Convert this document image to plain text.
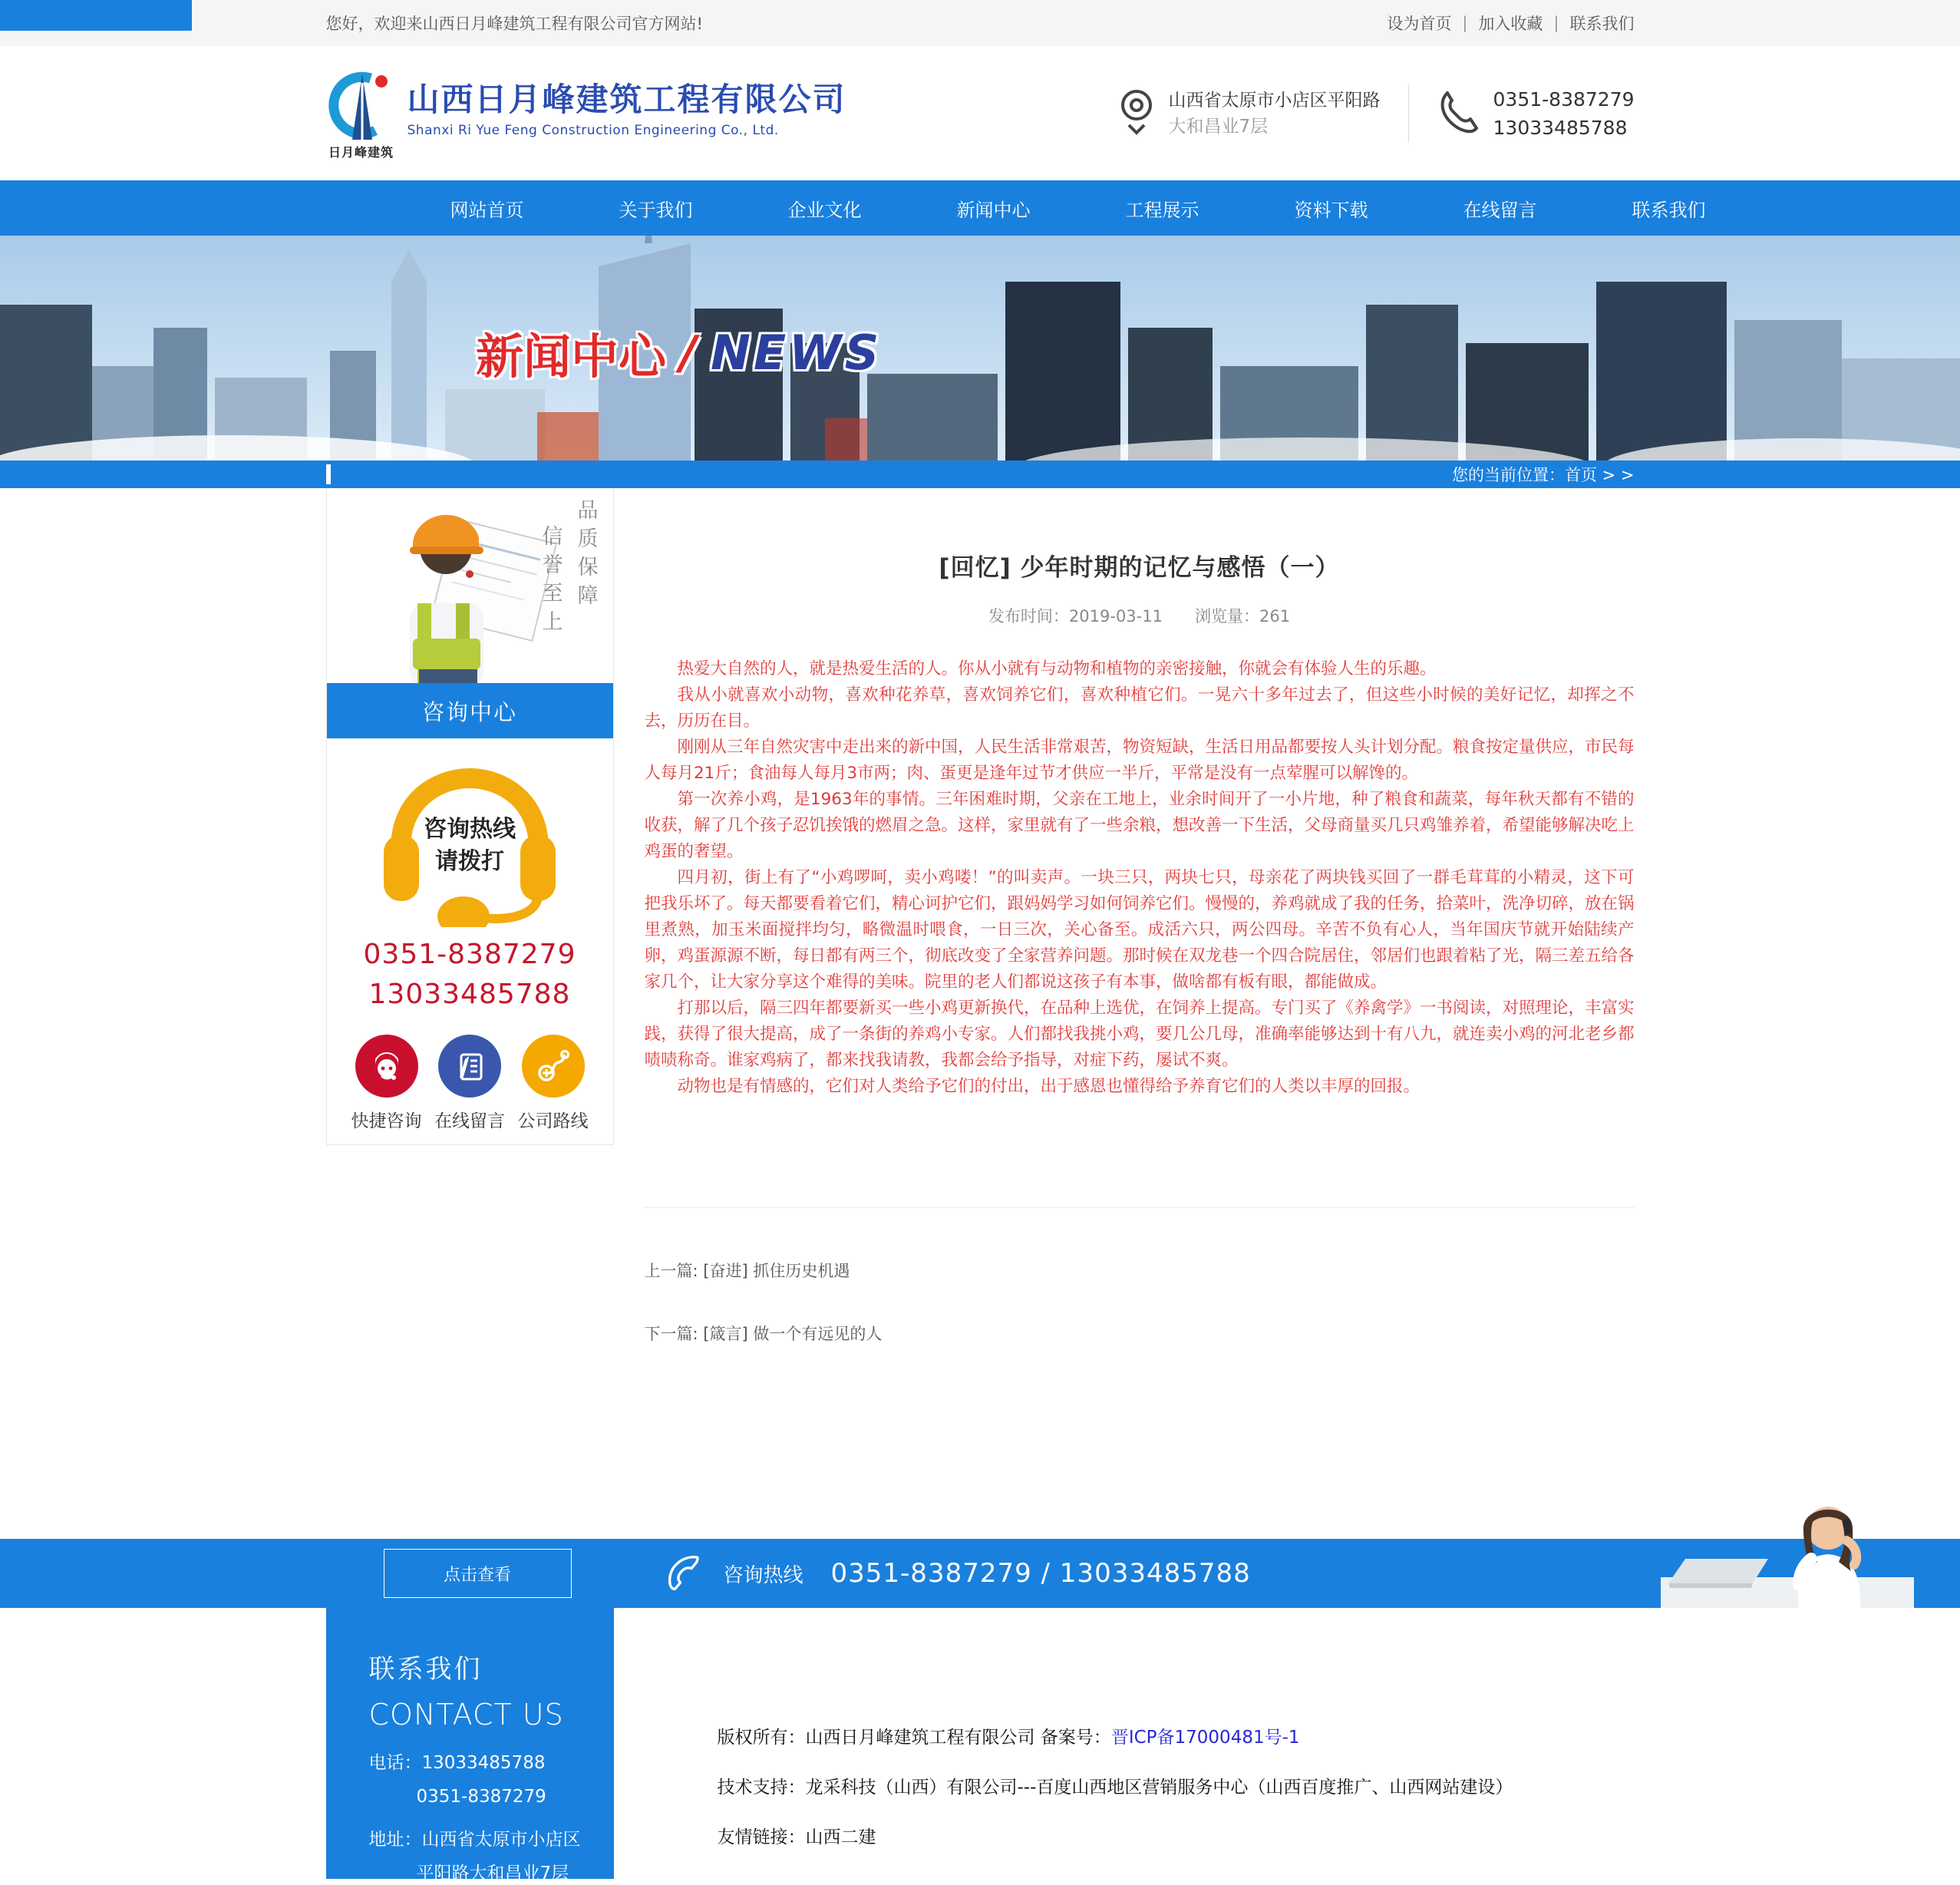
您好，欢迎来山西日月峰建筑工程有限公司官方网站!	设为首页 | 加入收藏 | 联系我们
日月峰建筑
山西日月峰建筑工程有限公司
Shanxi Ri Yue Feng Construction Engineering Co., Ltd.
山西省太原市小店区平阳路
大和昌业7层
0351-8387279
13033485788
网站首页	关于我们	企业文化	新闻中心	工程展示	资料下载	在线留言	联系我们
新闻中心 / NEWS
您的当前位置：首页 > >
品质保障
信誉至上
咨询中心
咨询热线
请拨打
0351-8387279
13033485788
快捷咨询 在线留言 公司路线
[回忆] 少年时期的记忆与感悟（一）
发布时间：2019-03-11 浏览量：261

热爱大自然的人，就是热爱生活的人。你从小就有与动物和植物的亲密接触，你就会有体验人生的乐趣。

我从小就喜欢小动物，喜欢种花养草，喜欢饲养它们，喜欢种植它们。一晃六十多年过去了，但这些小时候的美好记忆，却挥之不去，历历在目。

刚刚从三年自然灾害中走出来的新中国，人民生活非常艰苦，物资短缺，生活日用品都要按人头计划分配。粮食按定量供应，市民每人每月21斤；食油每人每月3市两；肉、蛋更是逢年过节才供应一半斤，平常是没有一点荤腥可以解馋的。

第一次养小鸡，是1963年的事情。三年困难时期，父亲在工地上，业余时间开了一小片地，种了粮食和蔬菜，每年秋天都有不错的收获，解了几个孩子忍饥挨饿的燃眉之急。这样，家里就有了一些余粮，想改善一下生活，父母商量买几只鸡雏养着，希望能够解决吃上鸡蛋的奢望。

四月初，街上有了“小鸡啰呵，卖小鸡喽！”的叫卖声。一块三只，两块七只，母亲花了两块钱买回了一群毛茸茸的小精灵，这下可把我乐坏了。每天都要看着它们，精心诃护它们，跟妈妈学习如何饲养它们。慢慢的，养鸡就成了我的任务，拾菜叶，洗净切碎，放在锅里煮熟，加玉米面搅拌均匀，略微温时喂食，一日三次，关心备至。成活六只，两公四母。辛苦不负有心人，当年国庆节就开始陆续产卵，鸡蛋源源不断，每日都有两三个，彻底改变了全家营养问题。那时候在双龙巷一个四合院居住，邻居们也跟着粘了光，隔三差五给各家几个，让大家分享这个难得的美味。院里的老人们都说这孩子有本事，做啥都有板有眼，都能做成。

打那以后，隔三四年都要新买一些小鸡更新换代，在品种上选优，在饲养上提高。专门买了《养禽学》一书阅读，对照理论，丰富实践，获得了很大提高，成了一条街的养鸡小专家。人们都找我挑小鸡，要几公几母，准确率能够达到十有八九，就连卖小鸡的河北老乡都啧啧称奇。谁家鸡病了，都来找我请教，我都会给予指导，对症下药，屡试不爽。

动物也是有情感的，它们对人类给予它们的付出，出于感恩也懂得给予养育它们的人类以丰厚的回报。

上一篇: [奋进] 抓住历史机遇
下一篇: [箴言] 做一个有远见的人
点击查看	咨询热线 0351-8387279 / 13033485788
联系我们
CONTACT US
电话：13033485788
0351-8387279
地址：山西省太原市小店区
平阳路大和昌业7层
版权所有：山西日月峰建筑工程有限公司 备案号：晋ICP备17000481号-1
技术支持：龙采科技（山西）有限公司---百度山西地区营销服务中心（山西百度推广、山西网站建设）
友情链接：山西二建
